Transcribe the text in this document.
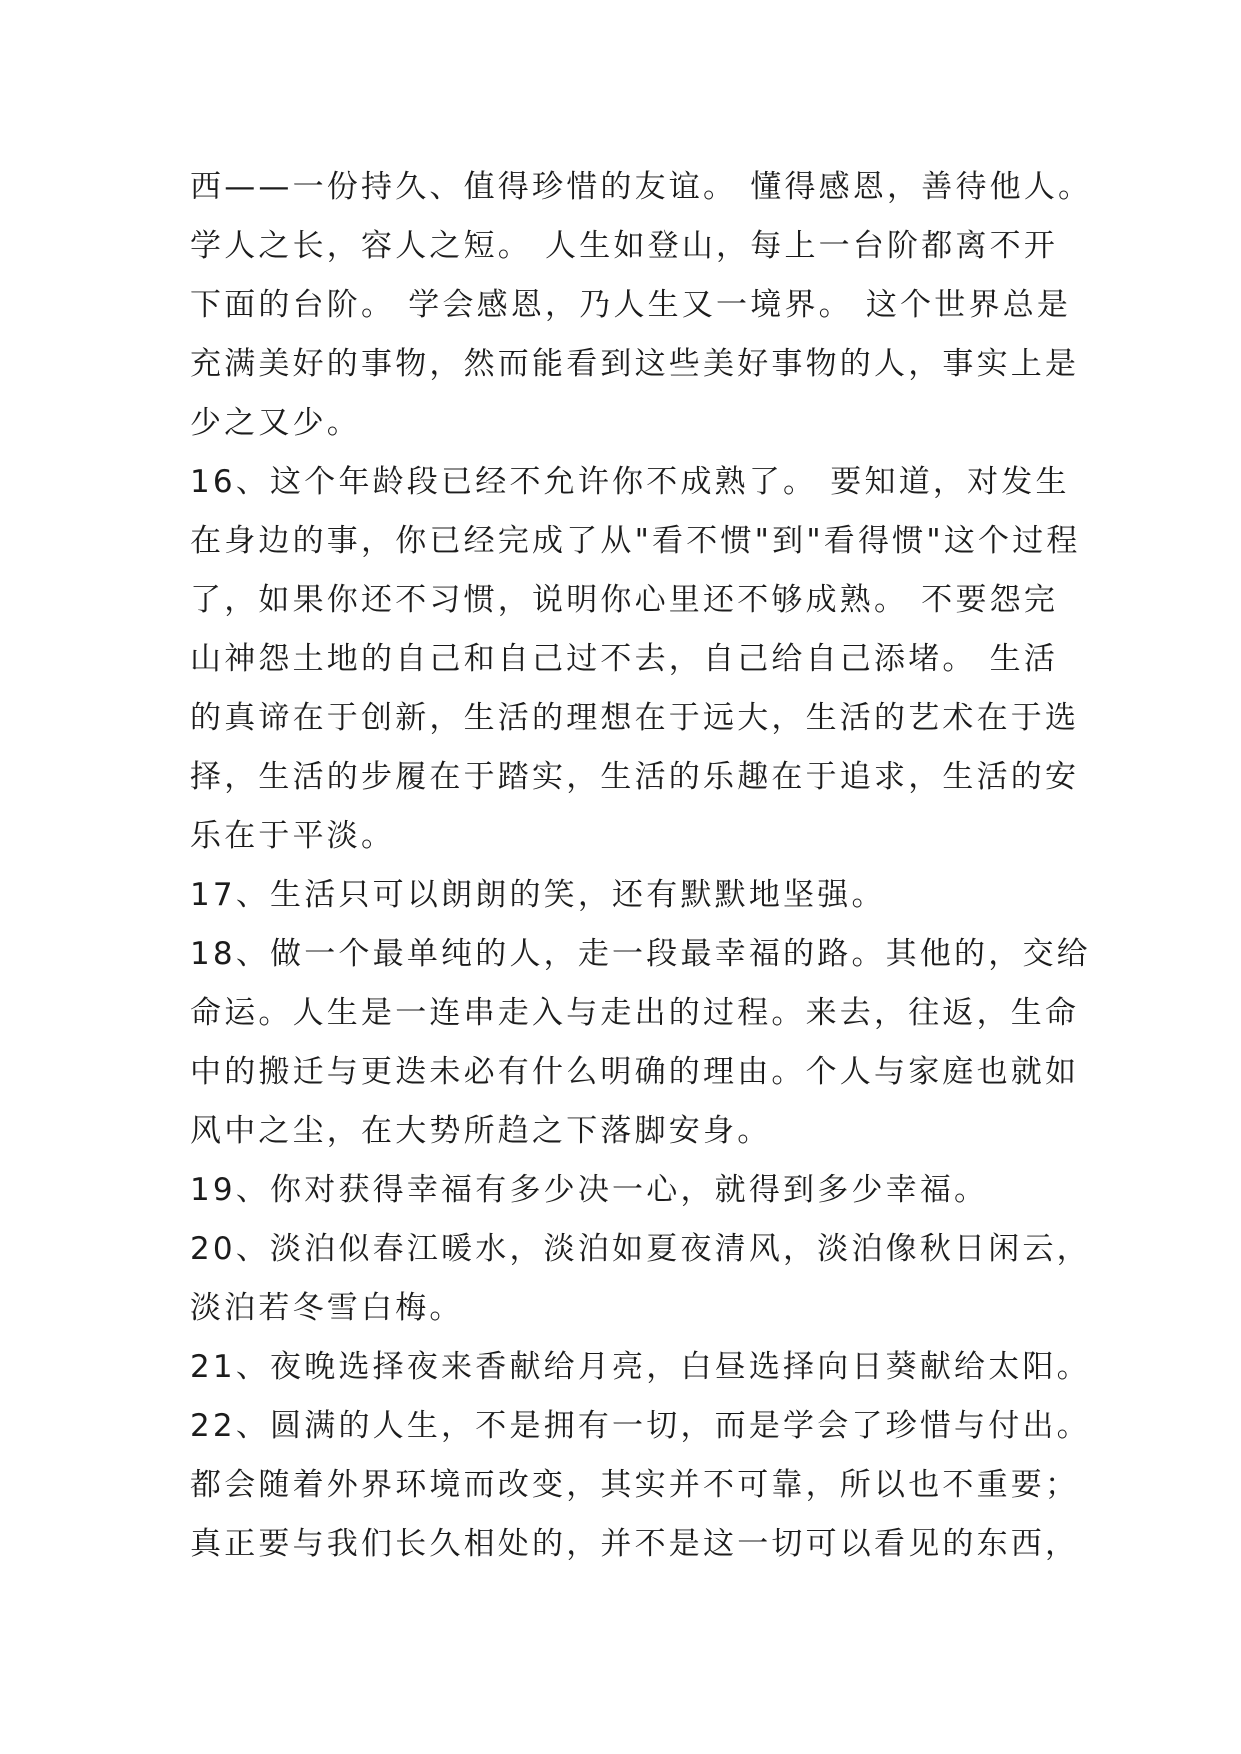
西——一份持久、值得珍惜的友谊。 懂得感恩，善待他人。
学人之长，容人之短。 人生如登山，每上一台阶都离不开
下面的台阶。 学会感恩，乃人生又一境界。 这个世界总是
充满美好的事物，然而能看到这些美好事物的人，事实上是
少之又少。
16、这个年龄段已经不允许你不成熟了。 要知道，对发生
在身边的事，你已经完成了从"看不惯"到"看得惯"这个过程
了，如果你还不习惯，说明你心里还不够成熟。 不要怨完
山神怨土地的自己和自己过不去，自己给自己添堵。 生活
的真谛在于创新，生活的理想在于远大，生活的艺术在于选
择，生活的步履在于踏实，生活的乐趣在于追求，生活的安
乐在于平淡。
17、生活只可以朗朗的笑，还有默默地坚强。
18、做一个最单纯的人，走一段最幸福的路。其他的，交给
命运。人生是一连串走入与走出的过程。来去，往返，生命
中的搬迁与更迭未必有什么明确的理由。个人与家庭也就如
风中之尘，在大势所趋之下落脚安身。
19、你对获得幸福有多少决一心，就得到多少幸福。
20、淡泊似春江暖水，淡泊如夏夜清风，淡泊像秋日闲云，
淡泊若冬雪白梅。
21、夜晚选择夜来香献给月亮，白昼选择向日葵献给太阳。
22、圆满的人生，不是拥有一切，而是学会了珍惜与付出。
都会随着外界环境而改变，其实并不可靠，所以也不重要；
真正要与我们长久相处的，并不是这一切可以看见的东西，
